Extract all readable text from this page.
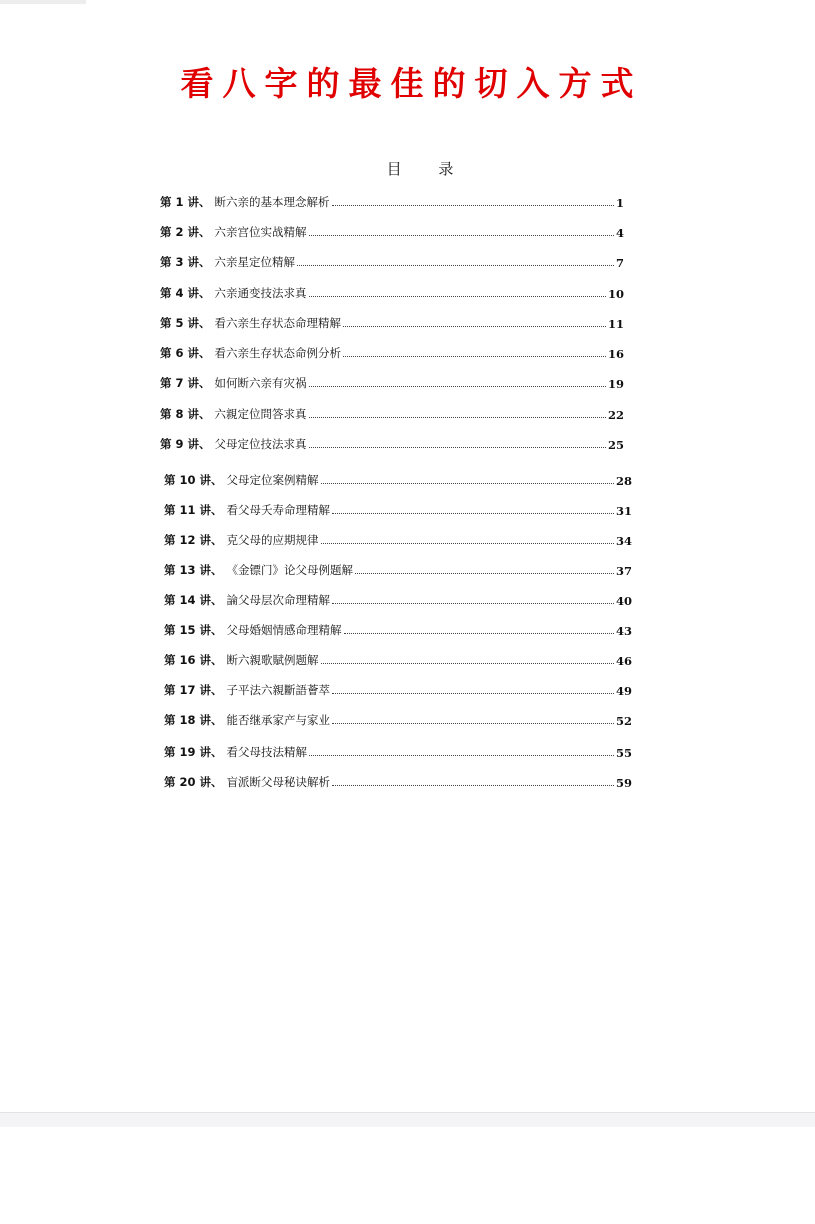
看八字的最佳的切入方式
目 录
第 1 讲、 断六亲的基本理念解析	1
第 2 讲、 六亲宫位实战精解	4
第 3 讲、 六亲星定位精解	7
第 4 讲、 六亲通变技法求真	10
第 5 讲、 看六亲生存状态命理精解	11
第 6 讲、 看六亲生存状态命例分析	16
第 7 讲、 如何断六亲有灾祸	19
第 8 讲、 六親定位問答求真	22
第 9 讲、 父母定位技法求真	25
第 10 讲、 父母定位案例精解	28
第 11 讲、 看父母夭寿命理精解	31
第 12 讲、 克父母的应期规律	34
第 13 讲、 《金镖门》论父母例题解	37
第 14 讲、 論父母层次命理精解	40
第 15 讲、 父母婚姻情感命理精解	43
第 16 讲、 断六親歌賦例题解	46
第 17 讲、 子平法六親斷語薈萃	49
第 18 讲、 能否继承家产与家业	52
第 19 讲、 看父母技法精解	55
第 20 讲、 盲派断父母秘诀解析	59
